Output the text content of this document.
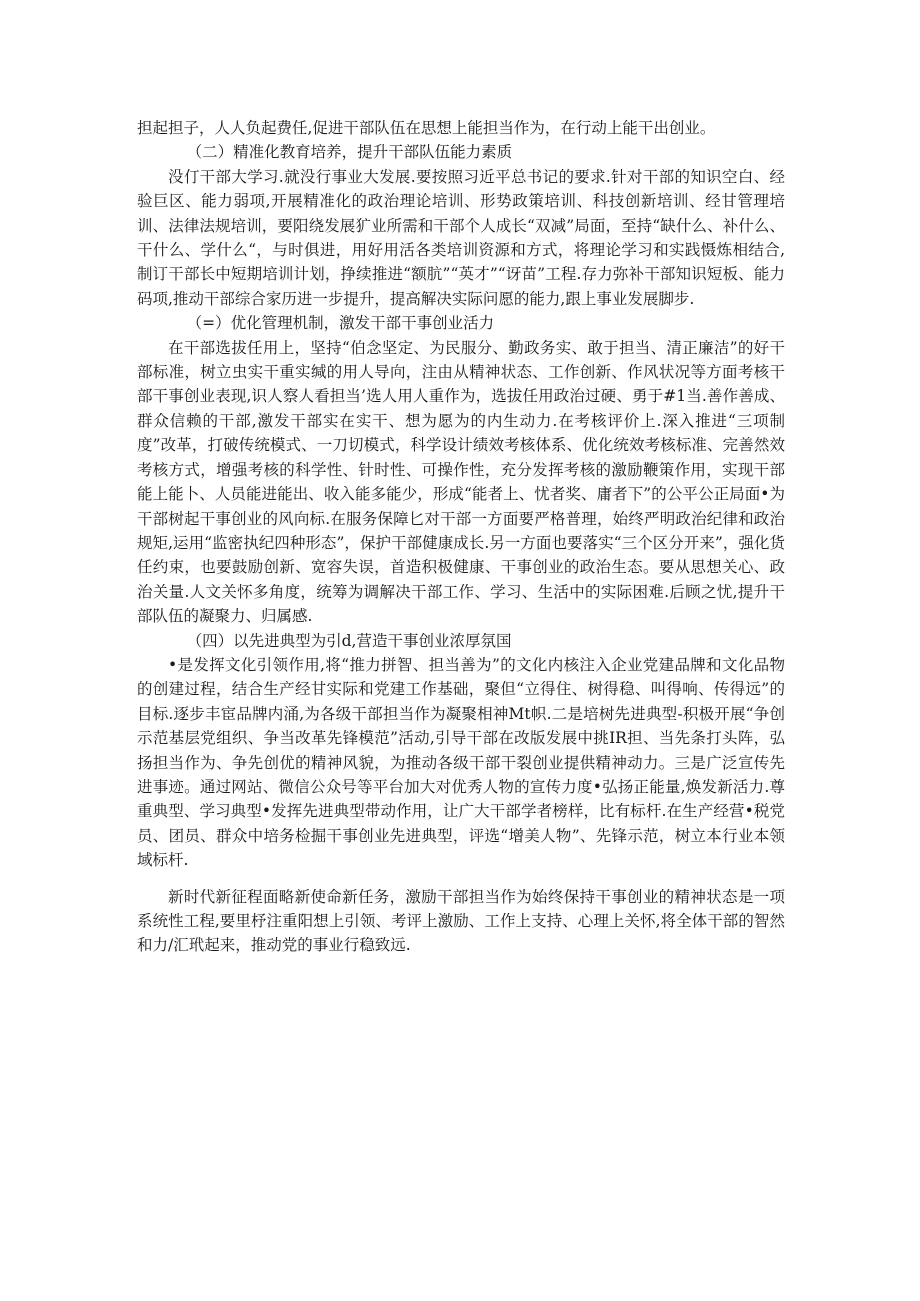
担起担子，人人负起费任,促进干部队伍在思想上能担当作为，在行动上能干出创业。

（二）精准化教育培养，提升干部队伍能力素质

没仃干部大学习.就没行事业大发展.要按照习近平总书记的要求.针对干部的知识空白、经验巨区、能力弱项,开展精准化的政治理论培训、形势政策培训、科技创新培训、经甘管理培训、法律法规培训，要阳绕发展犷业所需和干部个人成长“双减”局面，至持“缺什么、补什么、干什么、学什么“，与时俱进，用好用活各类培训资源和方式，将理论学习和实践慑炼相结合,制订干部长中短期培训计划，挣续推进“额肮”“英才”“讶苗”工程.存力弥补干部知识短板、能力码项,推动干部综合家历进一步提升，提高解决实际问愿的能力,跟上事业发展脚步.

（=）优化管理机制，激发干部干事创业活力

在干部选拔任用上，坚持“伯念坚定、为民服分、勤政务实、敢于担当、清正廉洁”的好干部标准，树立虫实干重实缄的用人导向，注由从精神状态、工作创新、作风状况等方面考核干部干事创业表现,识人察人看担当’选人用人重作为，选拔任用政治过硬、勇于#1当.善作善成、群众信赖的干部,激发干部实在实干、想为愿为的内生动力.在考核评价上.深入推进“三项制度”改革，打破传统模式、一刀切模式，科学设计绩效考核体系、优化统效考核标准、完善然效考核方式，增强考核的科学性、针时性、可操作性，充分发挥考核的激励鞭策作用，实现干部能上能卜、人员能进能出、收入能多能少，形成“能者上、忧者奖、庸者下”的公平公正局面•为干部树起干事创业的风向标.在服务保障匕对干部一方面要严格普理，始终严明政治纪律和政治规矩,运用“监密执纪四种形态”，保护干部健康成长.另一方面也要落实“三个区分开来”，强化货任约束，也要鼓励创新、宽容失误，首造积极健康、干事创业的政治生态。要从思想关心、政治关量.人文关怀多角度，统筹为调解决干部工作、学习、生活中的实际困难.后顾之忧,提升干部队伍的凝聚力、归属感.

（四）以先进典型为引d,营造干事创业浓厚氛国

•是发挥文化引领作用,将“推力拼智、担当善为”的文化内核注入企业党建品牌和文化品物的创建过程，结合生产经甘实际和党建工作基础，聚但“立得住、树得稳、叫得响、传得远”的目标.逐步丰宦品牌内涌,为各级干部担当作为凝聚相神Mt帜.二是培树先进典型-积极开展“争创示范基层党组织、争当改革先锋模范”活动,引导干部在改版发展中挑IR担、当先条打头阵，弘扬担当作为、争先创优的精神风貌，为推动各级干部干裂创业提供精神动力。三是广泛宣传先进事迹。通过网站、微信公众号等平台加大对优秀人物的宣传力度•弘扬正能量,焕发新活力.尊重典型、学习典型•发挥先进典型带动作用，让广大干部学者榜样，比有标杆.在生产经营•税党员、团员、群众中培务检掘干事创业先进典型，评选“增美人物”、先锋示范，树立本行业本领域标杆.

新时代新征程面略新使命新任务，激励干部担当作为始终保持干事创业的精神状态是一项系统性工程,要里杼注重阳想上引领、考评上激励、工作上支持、心理上关怀,将全体干部的智然和力/汇玳起来，推动党的事业行稳致远.
